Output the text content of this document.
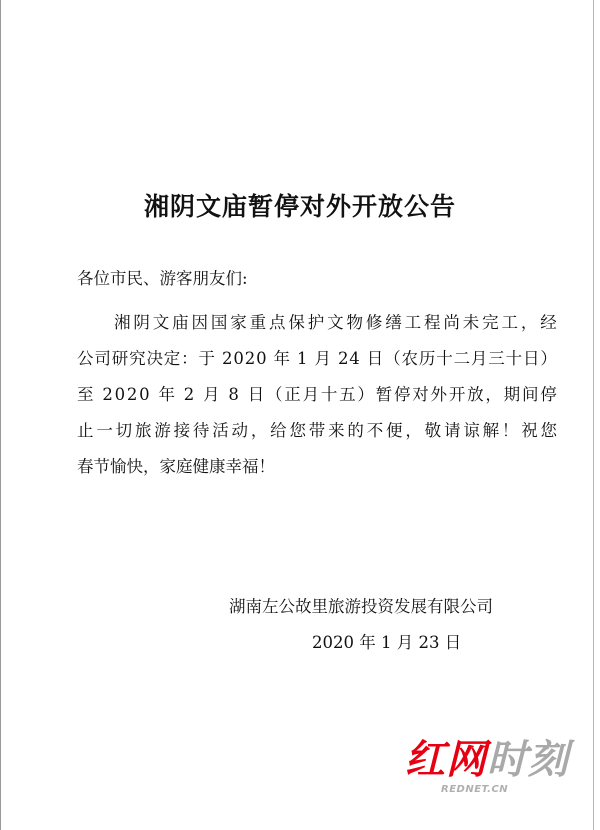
湘阴文庙暂停对外开放公告
各位市民、游客朋友们:
湘 阴 文 庙 因 国 家 重 点 保 护 文 物 修 缮 工 程 尚 未 完 工 ， 经
公 司 研 究 决 定 ： 于
2 0 2 0
年
1
月
2 4
日 （ 农 历 十 二 月 三 十 日 ）
至
2 0 2 0
年
2
月
8
日 （ 正 月 十 五 ） 暂 停 对 外 开 放 ， 期 间 停
止 一 切 旅 游 接 待 活 动 ， 给 您 带 来 的 不 便 ， 敬 请 谅 解 ！ 祝 您
春 节 愉 快 ， 家 庭 健 康 幸 福 ！
湖南左公故里旅游投资发展有限公司
2020 年 1 月 23 日
红网时刻
REDNET.CN
